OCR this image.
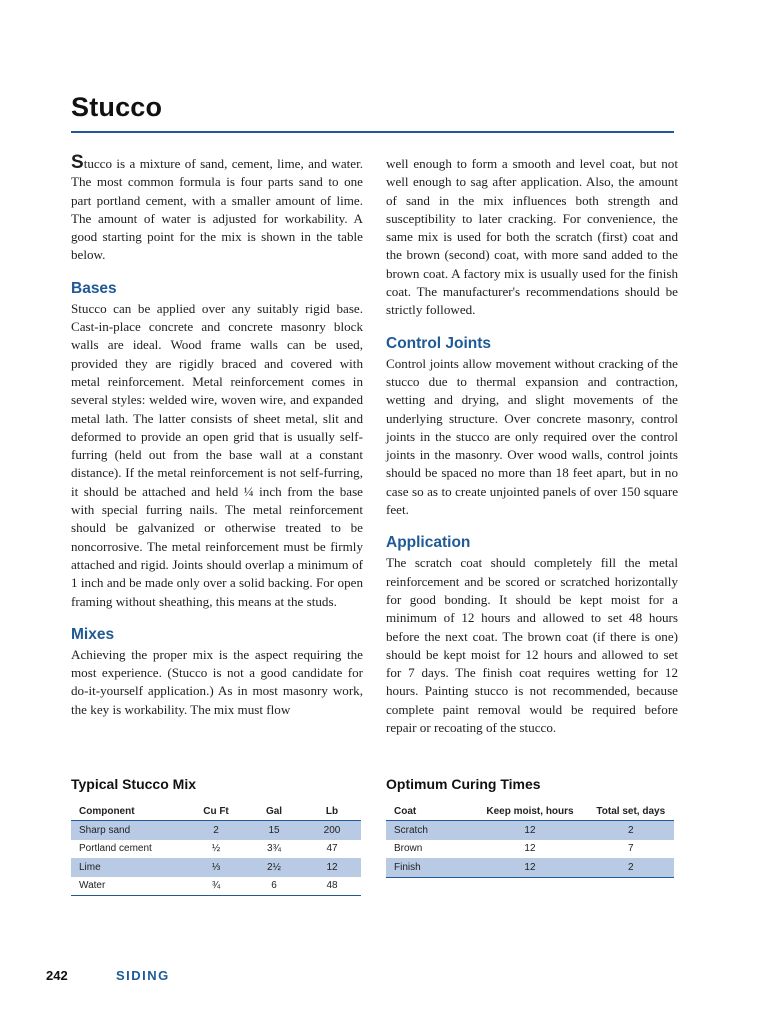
Stucco

Stucco is a mixture of sand, cement, lime, and water. The most common formula is four parts sand to one part portland cement, with a smaller amount of lime. The amount of water is adjusted for workability. A good starting point for the mix is shown in the table below.

Bases

Stucco can be applied over any suitably rigid base. Cast-in-place concrete and concrete masonry block walls are ideal. Wood frame walls can be used, provided they are rigidly braced and covered with metal reinforcement. Metal reinforcement comes in several styles: welded wire, woven wire, and expanded metal lath. The latter consists of sheet metal, slit and deformed to provide an open grid that is usually self-furring (held out from the base wall at a constant distance). If the metal reinforcement is not self-furring, it should be attached and held ¼ inch from the base with special furring nails. The metal reinforcement should be galvanized or otherwise treated to be noncorrosive. The metal reinforcement must be firmly attached and rigid. Joints should overlap a minimum of 1 inch and be made only over a solid backing. For open framing without sheathing, this means at the studs.

Mixes

Achieving the proper mix is the aspect requiring the most experience. (Stucco is not a good candidate for do-it-yourself application.) As in most masonry work, the key is workability. The mix must flow

well enough to form a smooth and level coat, but not well enough to sag after application. Also, the amount of sand in the mix influences both strength and susceptibility to later cracking. For convenience, the same mix is used for both the scratch (first) coat and the brown (second) coat, with more sand added to the brown coat. A factory mix is usually used for the finish coat. The manufacturer's recommendations should be strictly followed.

Control Joints

Control joints allow movement without cracking of the stucco due to thermal expansion and contraction, wetting and drying, and slight movements of the underlying structure. Over concrete masonry, control joints in the stucco are only required over the control joints in the masonry. Over wood walls, control joints should be spaced no more than 18 feet apart, but in no case so as to create unjointed panels of over 150 square feet.

Application

The scratch coat should completely fill the metal reinforcement and be scored or scratched horizontally for good bonding. It should be kept moist for a minimum of 12 hours and allowed to set 48 hours before the next coat. The brown coat (if there is one) should be kept moist for 12 hours and allowed to set for 7 days. The finish coat requires wetting for 12 hours. Painting stucco is not recommended, because complete paint removal would be required before repair or recoating of the stucco.

Typical Stucco Mix
Component	Cu Ft	Gal	Lb
Sharp sand	2	15	200
Portland cement	½	3¾	47
Lime	⅓	2½	12
Water	¾	6	48
Optimum Curing Times
Coat	Keep moist, hours	Total set, days
Scratch	12	2
Brown	12	7
Finish	12	2
242	SIDING
